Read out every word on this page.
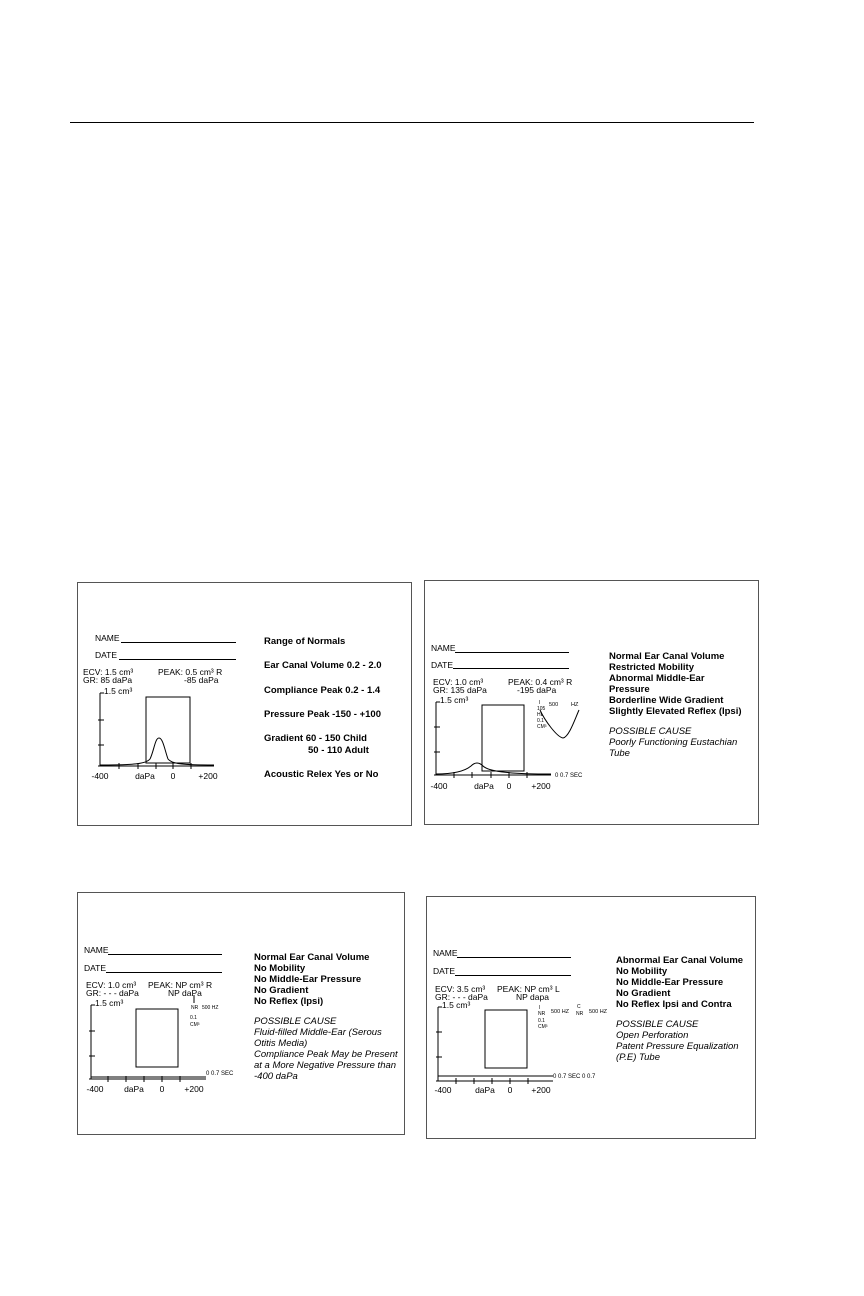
NAME
DATE
ECV: 1.5 cm³
GR: 85 daPa
PEAK: 0.5 cm³ R
-85 daPa
1.5 cm³
-400	daPa 0	+200
Range of Normals
Ear Canal Volume 0.2 - 2.0
Compliance Peak 0.2 - 1.4
Pressure Peak -150 - +100
Gradient 60 - 150 Child
50 - 110 Adult
Acoustic Relex Yes or No
NAME
DATE
ECV: 1.0 cm³
GR: 135 daPa
PEAK: 0.4 cm³ R
-195 daPa
1.5 cm³
-400	daPa 0 +200
I
105
HL
0.1
CM³
500 HZ
0 0.7 SEC
Normal Ear Canal Volume
Restricted Mobility
Abnormal Middle-Ear Pressure
Borderline Wide Gradient
Slightly Elevated Reflex (Ipsi)
POSSIBLE CAUSE
Poorly Functioning Eustachian Tube
NAME
DATE
ECV: 1.0 cm³
GR: - - - daPa
PEAK: NP cm³ R
NP daPa
1.5 cm³
-400 daPa 0 +200
NR 500 HZ
0.1
CM³
0 0.7 SEC
Normal Ear Canal Volume
No Mobility
No Middle-Ear Pressure
No Gradient
No Reflex (Ipsi)
POSSIBLE CAUSE
Fluid-filled Middle-Ear (Serous Otitis Media)
Compliance Peak May be Present at a More Negative Pressure than -400 daPa
NAME
DATE
ECV: 3.5 cm³
GR: - - - daPa
PEAK: NP cm³ L
NP dapa
1.5 cm³
-400	daPa 0 +200
I
NR 500 HZ
C
NR 500 HZ
0.1
CM³
0 0.7 SEC 0 0.7
Abnormal Ear Canal Volume
No Mobility
No Middle-Ear Pressure
No Gradient
No Reflex Ipsi and Contra
POSSIBLE CAUSE
Open Perforation
Patent Pressure Equalization
(P.E) Tube
